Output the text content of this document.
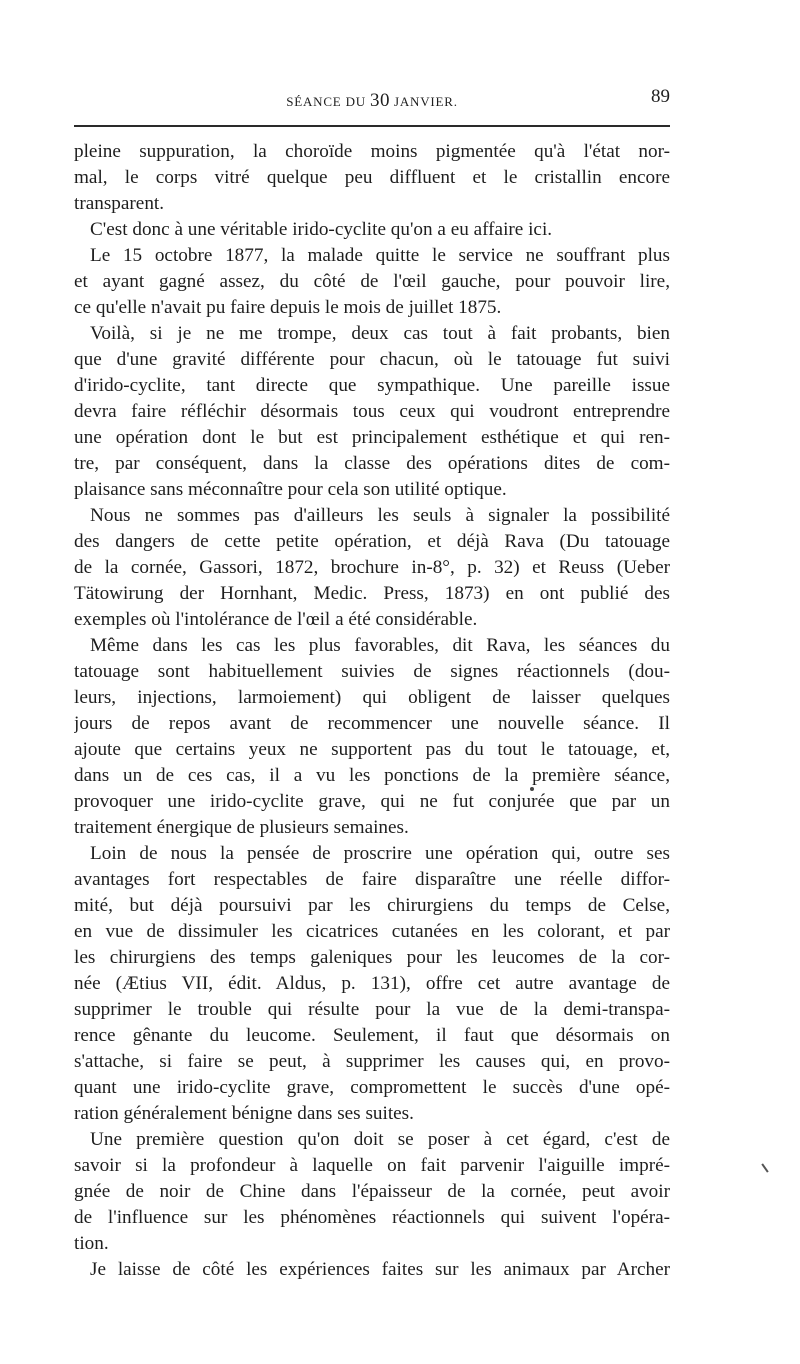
SÉANCE DU 30 JANVIER.	89
pleine suppuration, la choroïde moins pigmentée qu'à l'état nor-
mal, le corps vitré quelque peu diffluent et le cristallin encore
transparent.
C'est donc à une véritable irido-cyclite qu'on a eu affaire ici.
Le 15 octobre 1877, la malade quitte le service ne souffrant plus
et ayant gagné assez, du côté de l'œil gauche, pour pouvoir lire,
ce qu'elle n'avait pu faire depuis le mois de juillet 1875.
Voilà, si je ne me trompe, deux cas tout à fait probants, bien
que d'une gravité différente pour chacun, où le tatouage fut suivi
d'irido-cyclite, tant directe que sympathique. Une pareille issue
devra faire réfléchir désormais tous ceux qui voudront entreprendre
une opération dont le but est principalement esthétique et qui ren-
tre, par conséquent, dans la classe des opérations dites de com-
plaisance sans méconnaître pour cela son utilité optique.
Nous ne sommes pas d'ailleurs les seuls à signaler la possibilité
des dangers de cette petite opération, et déjà Rava (Du tatouage
de la cornée, Gassori, 1872, brochure in-8°, p. 32) et Reuss (Ueber
Tätowirung der Hornhant, Medic. Press, 1873) en ont publié des
exemples où l'intolérance de l'œil a été considérable.
Même dans les cas les plus favorables, dit Rava, les séances du
tatouage sont habituellement suivies de signes réactionnels (dou-
leurs, injections, larmoiement) qui obligent de laisser quelques
jours de repos avant de recommencer une nouvelle séance. Il
ajoute que certains yeux ne supportent pas du tout le tatouage, et,
dans un de ces cas, il a vu les ponctions de la première séance,
provoquer une irido-cyclite grave, qui ne fut conjurée que par un
traitement énergique de plusieurs semaines.
Loin de nous la pensée de proscrire une opération qui, outre ses
avantages fort respectables de faire disparaître une réelle diffor-
mité, but déjà poursuivi par les chirurgiens du temps de Celse,
en vue de dissimuler les cicatrices cutanées en les colorant, et par
les chirurgiens des temps galeniques pour les leucomes de la cor-
née (Ætius VII, édit. Aldus, p. 131), offre cet autre avantage de
supprimer le trouble qui résulte pour la vue de la demi-transpa-
rence gênante du leucome. Seulement, il faut que désormais on
s'attache, si faire se peut, à supprimer les causes qui, en provo-
quant une irido-cyclite grave, compromettent le succès d'une opé-
ration généralement bénigne dans ses suites.
Une première question qu'on doit se poser à cet égard, c'est de
savoir si la profondeur à laquelle on fait parvenir l'aiguille impré-
gnée de noir de Chine dans l'épaisseur de la cornée, peut avoir
de l'influence sur les phénomènes réactionnels qui suivent l'opéra-
tion.
Je laisse de côté les expériences faites sur les animaux par Archer
